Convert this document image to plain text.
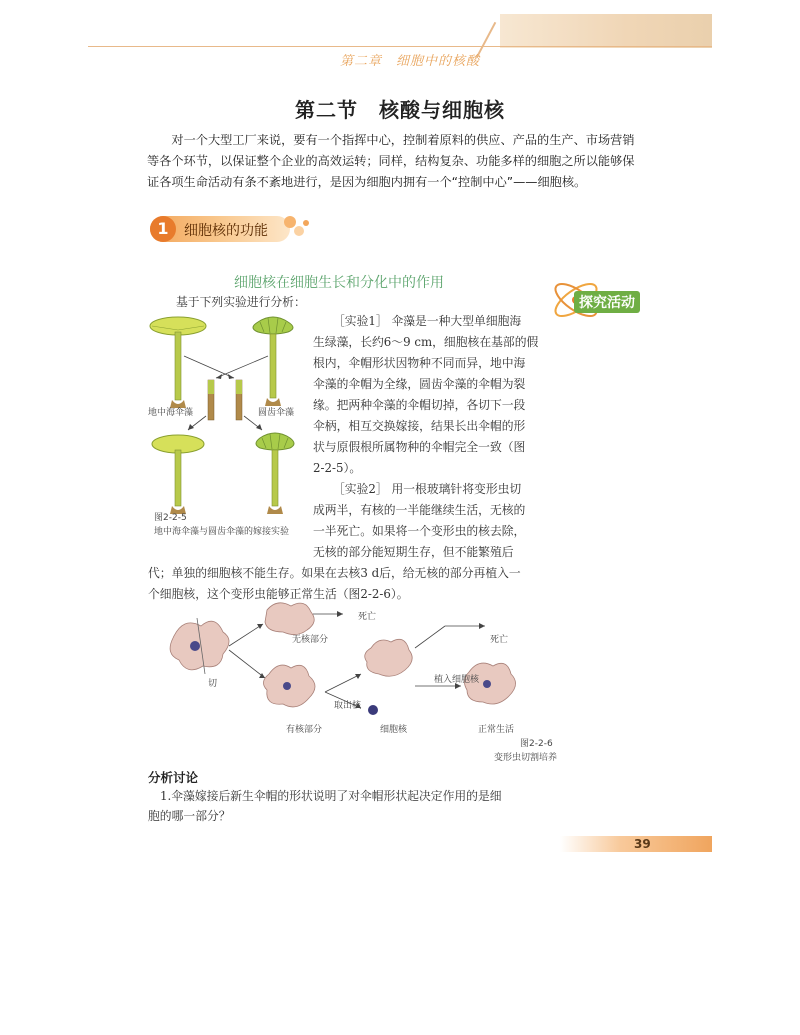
第二章　细胞中的核酸
第二节　核酸与细胞核
对一个大型工厂来说，要有一个指挥中心，控制着原料的供应、产品的生产、市场营销等各个环节，以保证整个企业的高效运转；同样，结构复杂、功能多样的细胞之所以能够保证各项生命活动有条不紊地进行，是因为细胞内拥有一个“控制中心”——细胞核。
1	细胞核的功能
细胞核在细胞生长和分化中的作用
探究活动
基于下列实验进行分析：
地中海伞藻	圆齿伞藻
图2-2-5
地中海伞藻与圆齿伞藻的嫁接实验
［实验1］ 伞藻是一种大型单细胞海
生绿藻，长约6～9 cm，细胞核在基部的假
根内，伞帽形状因物种不同而异，地中海
伞藻的伞帽为全缘，圆齿伞藻的伞帽为裂
缘。把两种伞藻的伞帽切掉，各切下一段
伞柄，相互交换嫁接，结果长出伞帽的形
状与原假根所属物种的伞帽完全一致（图
2-2-5）。
［实验2］ 用一根玻璃针将变形虫切
成两半，有核的一半能继续生活，无核的
一半死亡。如果将一个变形虫的核去除，
无核的部分能短期生存，但不能繁殖后
代；单独的细胞核不能生存。如果在去核3 d后，给无核的部分再植入一
个细胞核，这个变形虫能够正常生活（图2-2-6）。
切
无核部分
死亡
死亡
有核部分
取出核
细胞核
植入细胞核
正常生活
图2-2-6
变形虫切割培养
分析讨论
1.伞藻嫁接后新生伞帽的形状说明了对伞帽形状起决定作用的是细
胞的哪一部分？
39
